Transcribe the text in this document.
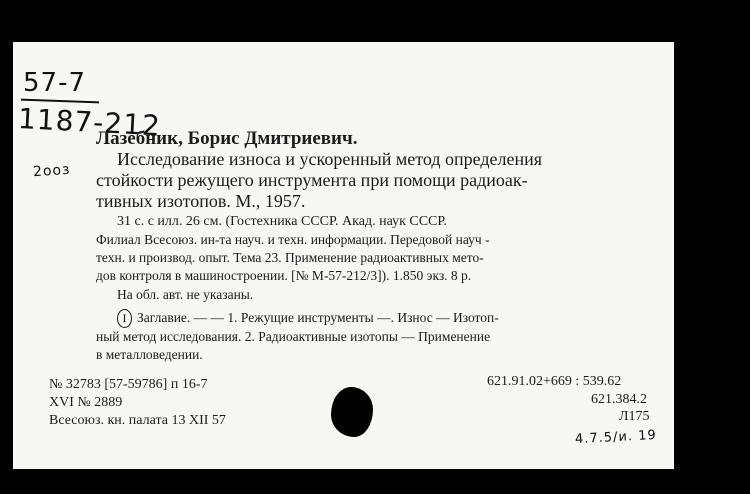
57-7
1187-212
Лазебник, Борис Дмитриевич.
2ооз
Исследование износа и ускоренный метод определения
стойкости режущего инструмента при помощи радиоак-
тивных изотопов. М., 1957.
31 с. с илл. 26 см. (Гостехника СССР. Акад. наук СССР.
Филиал Всесоюз. ин-та науч. и техн. информации. Передовой науч -
техн. и производ. опыт. Тема 23. Применение радиоактивных мето-
дов контроля в машиностроении. [№ М-57-212/3]). 1.850 экз. 8 р.
На обл. авт. не указаны.
I Заглавие. — — 1. Режущие инструменты —. Износ — Изотоп-
ный метод исследования. 2. Радиоактивные изотопы — Применение
в металловедении.
№ 32783 [57-59786] п 16-7
XVI № 2889
Всесоюз. кн. палата 13 XII 57
621.91.02+669 : 539.62
621.384.2
Л175
4.7.5/и. 19
